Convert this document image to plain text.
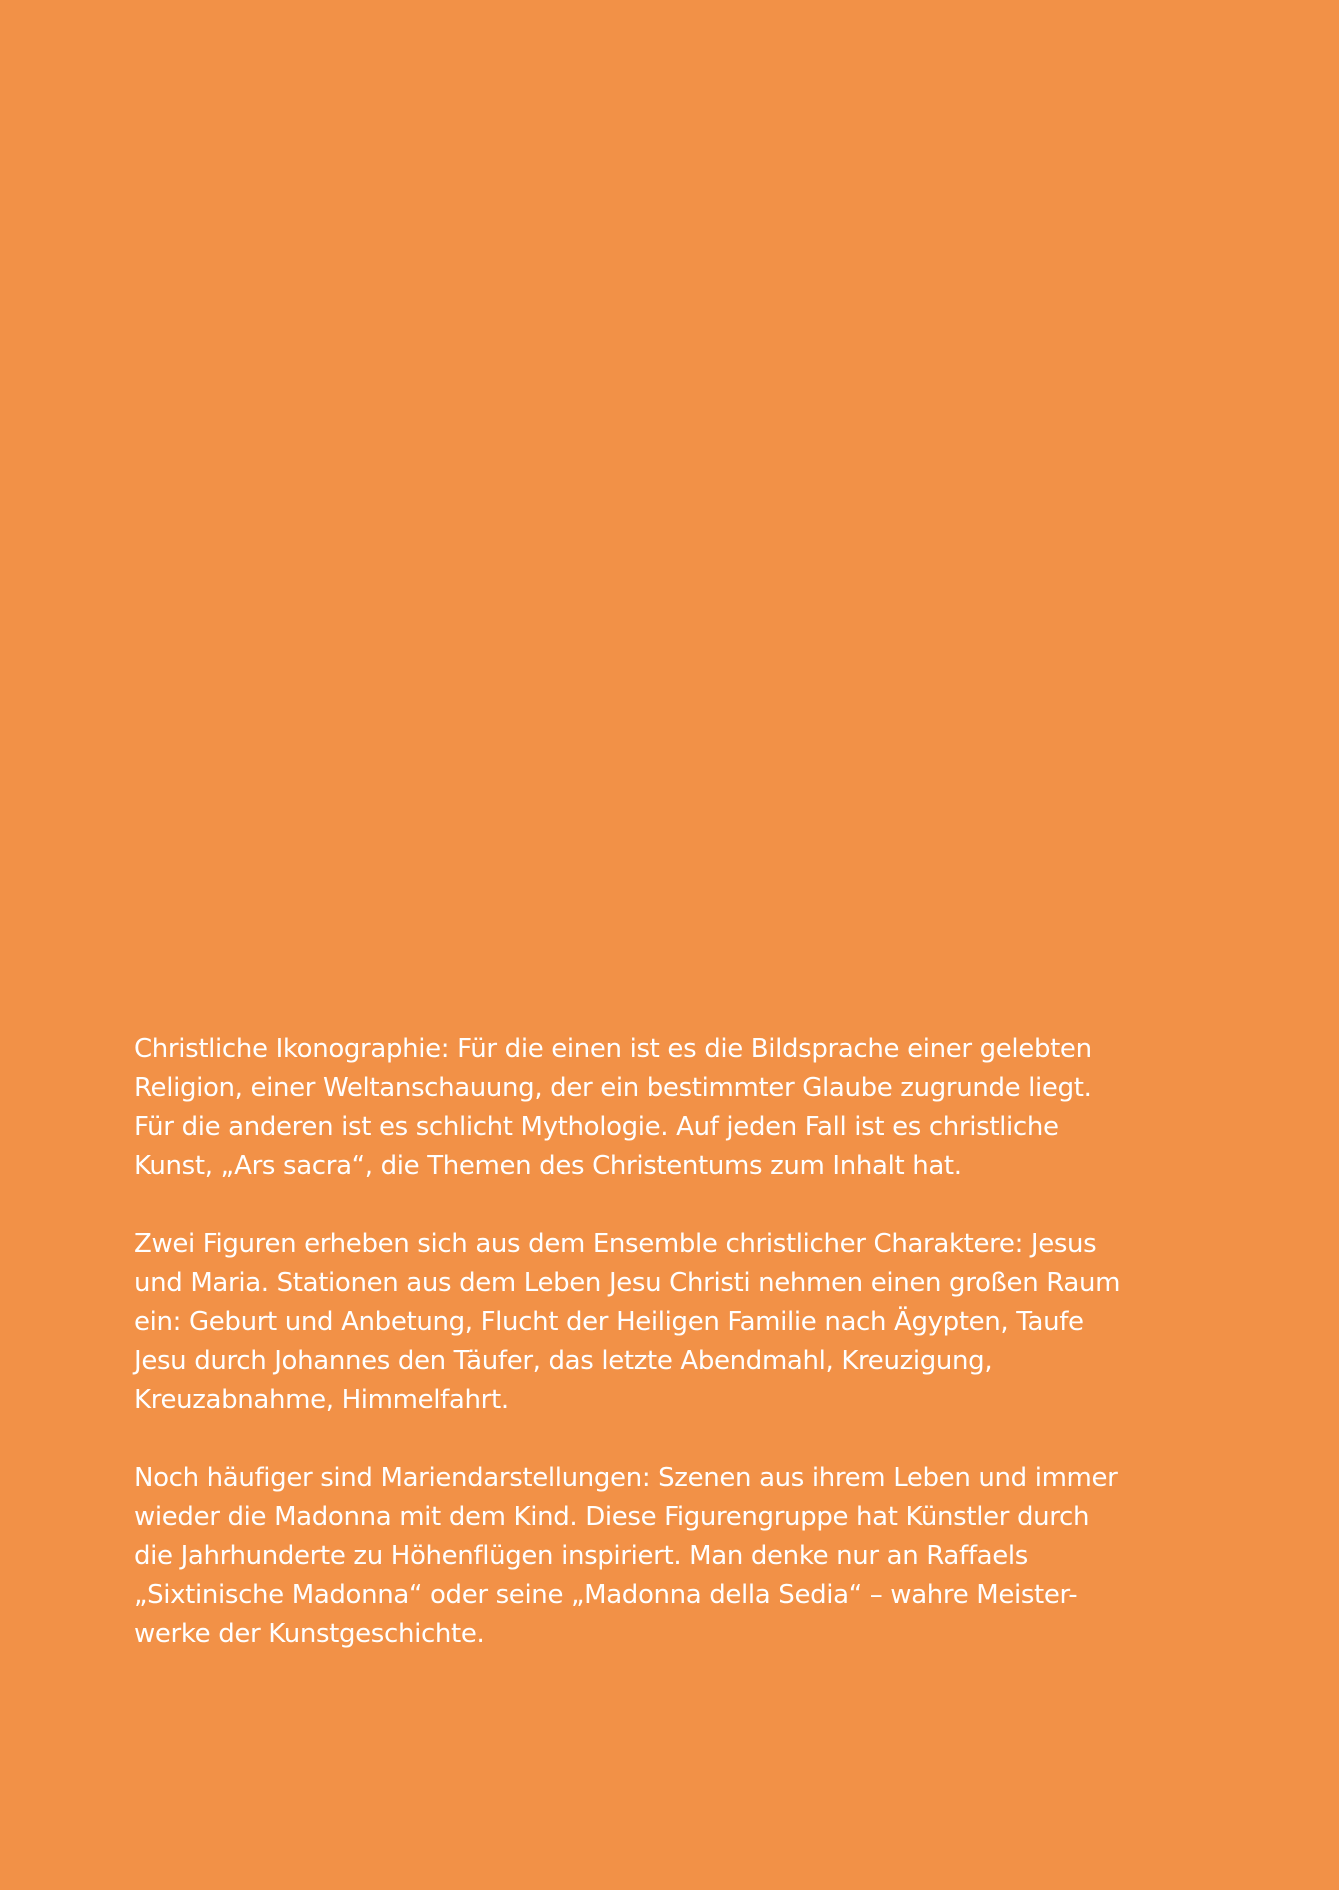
Christliche Ikonographie: Für die einen ist es die Bildsprache einer gelebten
Religion, einer Weltanschauung, der ein bestimmter Glaube zugrunde liegt.
Für die anderen ist es schlicht Mythologie. Auf jeden Fall ist es christliche
Kunst, „Ars sacra“, die Themen des Christentums zum Inhalt hat.

Zwei Figuren erheben sich aus dem Ensemble christlicher Charaktere: Jesus
und Maria. Stationen aus dem Leben Jesu Christi nehmen einen großen Raum
ein: Geburt und Anbetung, Flucht der Heiligen Familie nach Ägypten, Taufe
Jesu durch Johannes den Täufer, das letzte Abendmahl, Kreuzigung,
Kreuzabnahme, Himmelfahrt.

Noch häufiger sind Mariendarstellungen: Szenen aus ihrem Leben und immer
wieder die Madonna mit dem Kind. Diese Figurengruppe hat Künstler durch
die Jahrhunderte zu Höhenflügen inspiriert. Man denke nur an Raffaels
„Sixtinische Madonna“ oder seine „Madonna della Sedia“ – wahre Meister-
werke der Kunstgeschichte.
